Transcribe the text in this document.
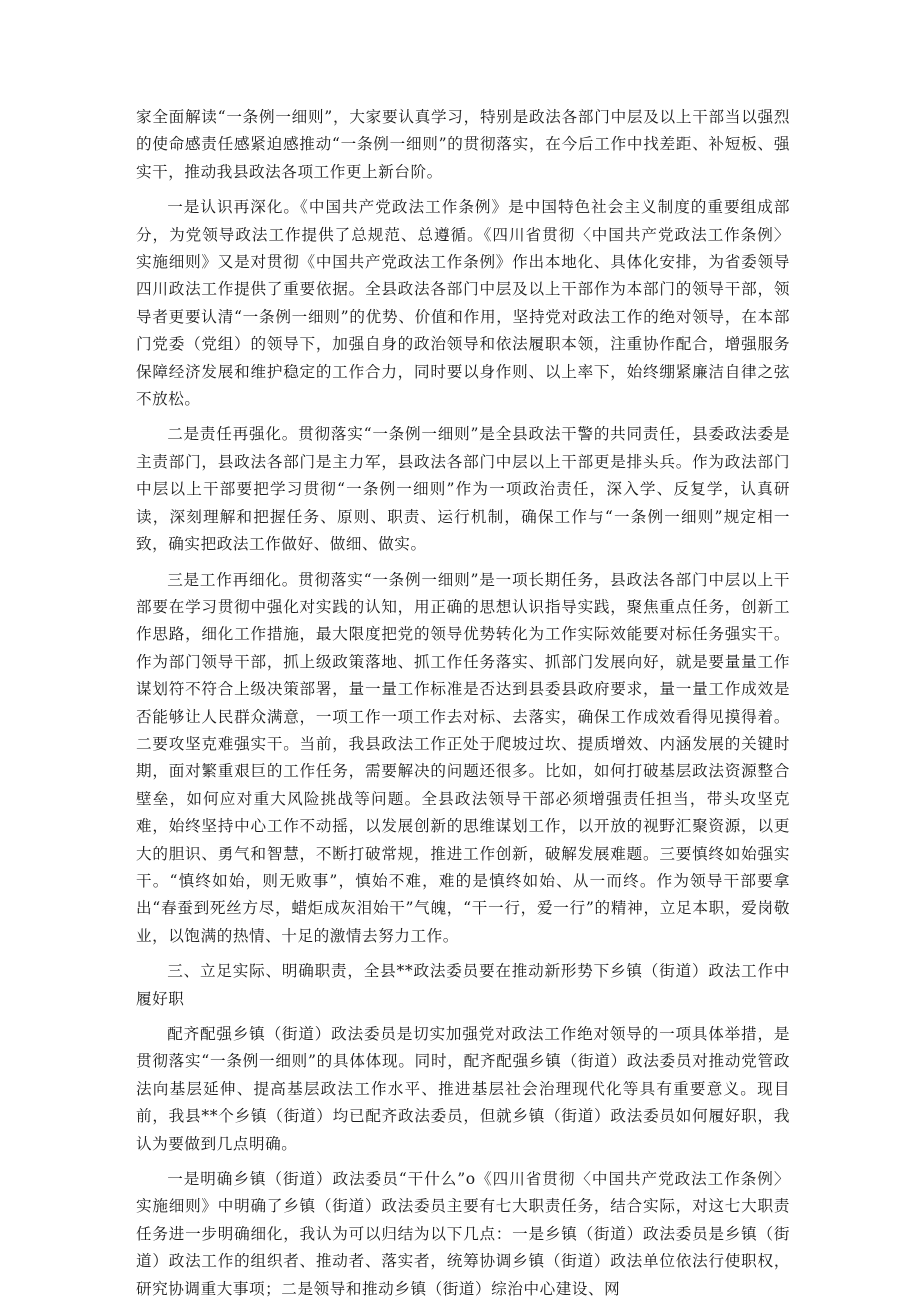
家全面解读“一条例一细则”，大家要认真学习，特别是政法各部门中层及以上干部当以强烈的使命感责任感紧迫感推动“一条例一细则”的贯彻落实，在今后工作中找差距、补短板、强实干，推动我县政法各项工作更上新台阶。

一是认识再深化。《中国共产党政法工作条例》是中国特色社会主义制度的重要组成部分，为党领导政法工作提供了总规范、总遵循。《四川省贯彻〈中国共产党政法工作条例〉实施细则》又是对贯彻《中国共产党政法工作条例》作出本地化、具体化安排，为省委领导四川政法工作提供了重要依据。全县政法各部门中层及以上干部作为本部门的领导干部，领导者更要认清“一条例一细则”的优势、价值和作用，坚持党对政法工作的绝对领导，在本部门党委（党组）的领导下，加强自身的政治领导和依法履职本领，注重协作配合，增强服务保障经济发展和维护稳定的工作合力，同时要以身作则、以上率下，始终绷紧廉洁自律之弦不放松。

二是责任再强化。贯彻落实“一条例一细则”是全县政法干警的共同责任，县委政法委是主责部门，县政法各部门是主力军，县政法各部门中层以上干部更是排头兵。作为政法部门中层以上干部要把学习贯彻“一条例一细则”作为一项政治责任，深入学、反复学，认真研读，深刻理解和把握任务、原则、职责、运行机制，确保工作与“一条例一细则”规定相一致，确实把政法工作做好、做细、做实。

三是工作再细化。贯彻落实“一条例一细则”是一项长期任务，县政法各部门中层以上干部要在学习贯彻中强化对实践的认知，用正确的思想认识指导实践，聚焦重点任务，创新工作思路，细化工作措施，最大限度把党的领导优势转化为工作实际效能要对标任务强实干。作为部门领导干部，抓上级政策落地、抓工作任务落实、抓部门发展向好，就是要量量工作谋划符不符合上级决策部署，量一量工作标准是否达到县委县政府要求，量一量工作成效是否能够让人民群众满意，一项工作一项工作去对标、去落实，确保工作成效看得见摸得着。二要攻坚克难强实干。当前，我县政法工作正处于爬坡过坎、提质增效、内涵发展的关键时期，面对繁重艰巨的工作任务，需要解决的问题还很多。比如，如何打破基层政法资源整合壁垒，如何应对重大风险挑战等问题。全县政法领导干部必须增强责任担当，带头攻坚克难，始终坚持中心工作不动摇，以发展创新的思维谋划工作，以开放的视野汇聚资源，以更大的胆识、勇气和智慧，不断打破常规，推进工作创新，破解发展难题。三要慎终如始强实干。“慎终如始，则无败事”，慎始不难，难的是慎终如始、从一而终。作为领导干部要拿出“春蚕到死丝方尽，蜡炬成灰泪始干”气魄，“干一行，爱一行”的精神，立足本职，爱岗敬业，以饱满的热情、十足的激情去努力工作。

三、立足实际、明确职责，全县**政法委员要在推动新形势下乡镇（街道）政法工作中履好职

配齐配强乡镇（街道）政法委员是切实加强党对政法工作绝对领导的一项具体举措，是贯彻落实“一条例一细则”的具体体现。同时，配齐配强乡镇（街道）政法委员对推动党管政法向基层延伸、提高基层政法工作水平、推进基层社会治理现代化等具有重要意义。现目前，我县**个乡镇（街道）均已配齐政法委员，但就乡镇（街道）政法委员如何履好职，我认为要做到几点明确。

一是明确乡镇（街道）政法委员“干什么”o《四川省贯彻〈中国共产党政法工作条例〉实施细则》中明确了乡镇（街道）政法委员主要有七大职责任务，结合实际，对这七大职责任务进一步明确细化，我认为可以归结为以下几点：一是乡镇（街道）政法委员是乡镇（街道）政法工作的组织者、推动者、落实者，统筹协调乡镇（街道）政法单位依法行使职权，研究协调重大事项；二是领导和推动乡镇（街道）综治中心建设、网
